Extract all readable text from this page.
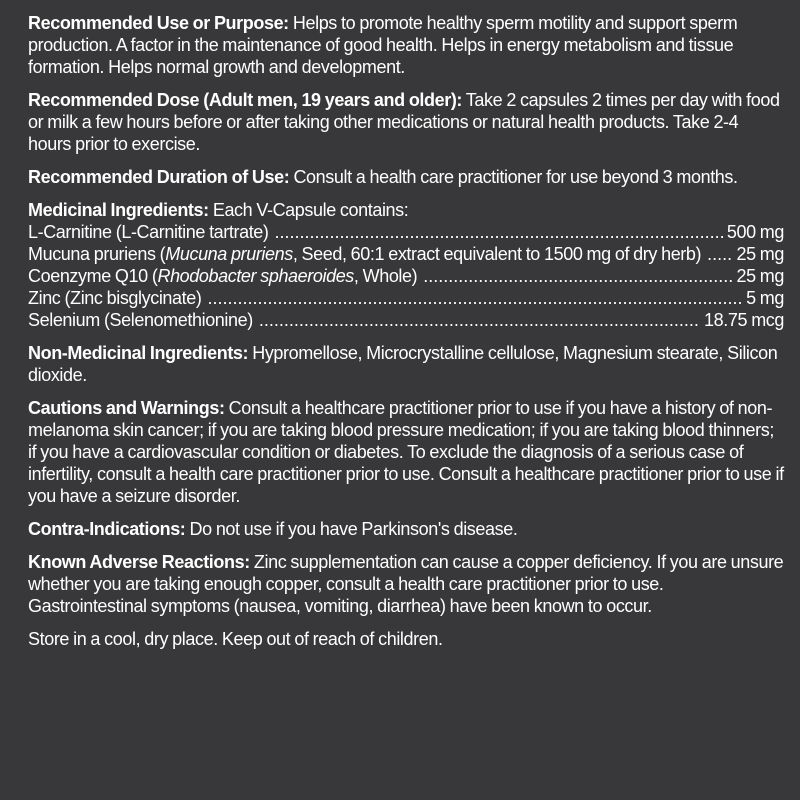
Recommended Use or Purpose: Helps to promote healthy sperm motility and support sperm production. A factor in the maintenance of good health. Helps in energy metabolism and tissue formation. Helps normal growth and development.

Recommended Dose (Adult men, 19 years and older): Take 2 capsules 2 times per day with food or milk a few hours before or after taking other medications or natural health products. Take 2-4 hours prior to exercise.

Recommended Duration of Use: Consult a health care practitioner for use beyond 3 months.

Medicinal Ingredients: Each V-Capsule contains:
L-Carnitine (L-Carnitine tartrate) .....	500 mg
Mucuna pruriens (Mucuna pruriens, Seed, 60:1 extract equivalent to 1500 mg of dry herb) ..... 25 mg
Coenzyme Q10 (Rhodobacter sphaeroides, Whole) .....	25 mg
Zinc (Zinc bisglycinate) .....	5 mg
Selenium (Selenomethionine) .....	18.75 mcg

Non-Medicinal Ingredients: Hypromellose, Microcrystalline cellulose, Magnesium stearate, Silicon dioxide.

Cautions and Warnings: Consult a healthcare practitioner prior to use if you have a history of non-melanoma skin cancer; if you are taking blood pressure medication; if you are taking blood thinners; if you have a cardiovascular condition or diabetes. To exclude the diagnosis of a serious case of infertility, consult a health care practitioner prior to use. Consult a healthcare practitioner prior to use if you have a seizure disorder.

Contra-Indications: Do not use if you have Parkinson's disease.

Known Adverse Reactions: Zinc supplementation can cause a copper deficiency. If you are unsure whether you are taking enough copper, consult a health care practitioner prior to use. Gastrointestinal symptoms (nausea, vomiting, diarrhea) have been known to occur.

Store in a cool, dry place. Keep out of reach of children.
